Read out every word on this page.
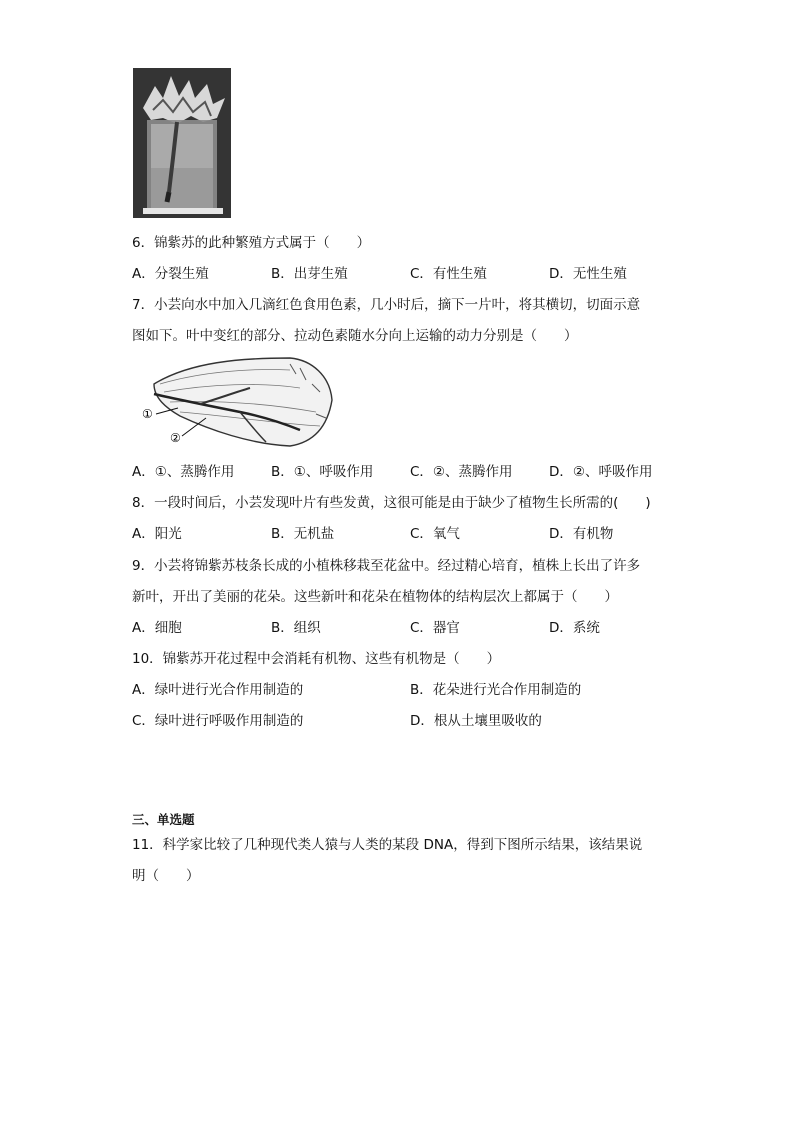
6．锦紫苏的此种繁殖方式属于（　　）
A．分裂生殖	B．出芽生殖	C．有性生殖	D．无性生殖
7．小芸向水中加入几滴红色食用色素，几小时后，摘下一片叶，将其横切，切面示意
图如下。叶中变红的部分、拉动色素随水分向上运输的动力分别是（　　）
①
②
A．①、蒸腾作用	B．①、呼吸作用	C．②、蒸腾作用	D．②、呼吸作用
8．一段时间后，小芸发现叶片有些发黄，这很可能是由于缺少了植物生长所需的(　　)
A．阳光	B．无机盐	C．氧气	D．有机物
9．小芸将锦紫苏枝条长成的小植株移栽至花盆中。经过精心培育，植株上长出了许多
新叶，开出了美丽的花朵。这些新叶和花朵在植物体的结构层次上都属于（　　）
A．细胞	B．组织	C．器官	D．系统
10．锦紫苏开花过程中会消耗有机物、这些有机物是（　　）
A．绿叶进行光合作用制造的	B．花朵进行光合作用制造的
C．绿叶进行呼吸作用制造的	D．根从土壤里吸收的
三、单选题
11．科学家比较了几种现代类人猿与人类的某段 DNA，得到下图所示结果，该结果说
明（　　）
